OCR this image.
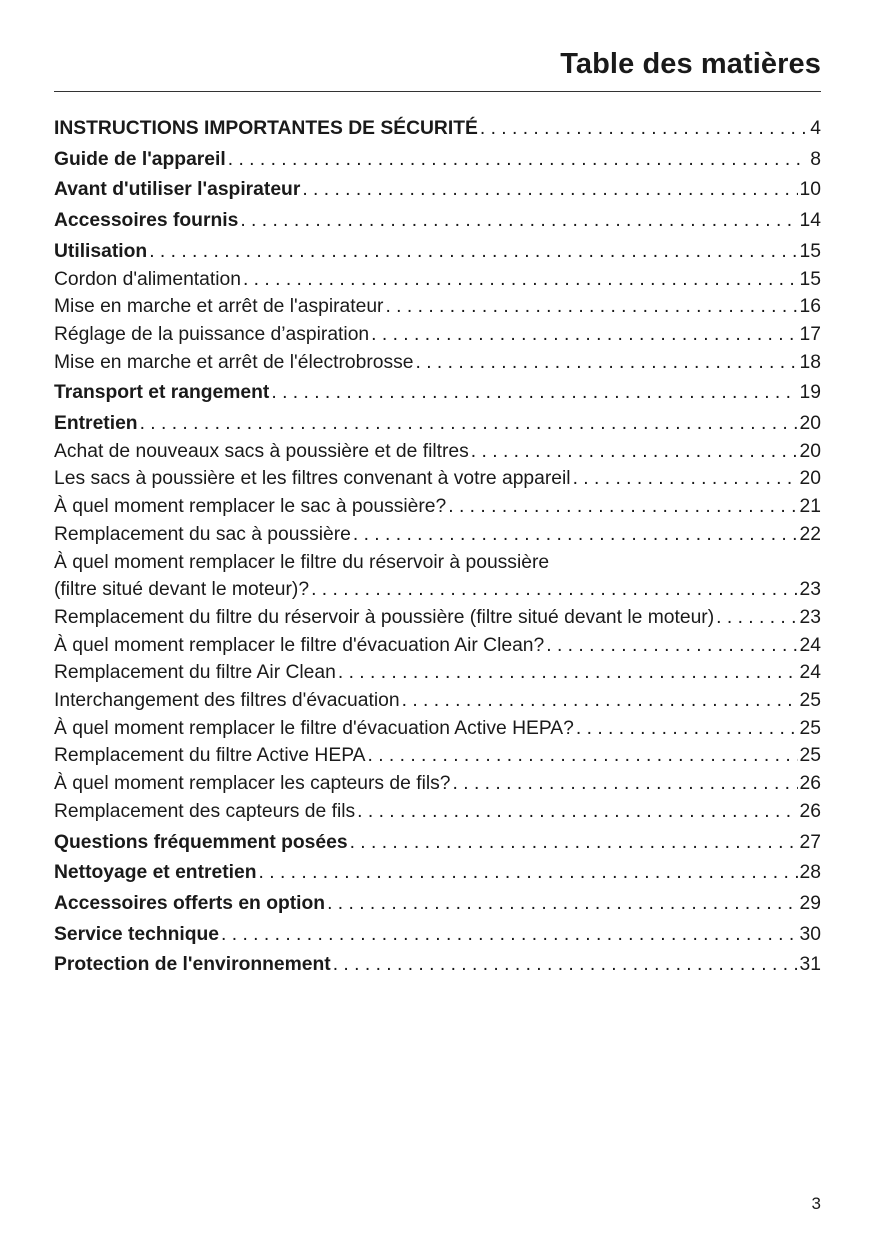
Table des matières
INSTRUCTIONS IMPORTANTES DE SÉCURITÉ . . .	4
Guide de l'appareil . . .	8
Avant d'utiliser l'aspirateur . . .	10
Accessoires fournis . . .	14
Utilisation . . .	15
Cordon d'alimentation . . .	15
Mise en marche et arrêt de l'aspirateur . . .	16
Réglage de la puissance d’aspiration . . .	17
Mise en marche et arrêt de l'électrobrosse . . .	18
Transport et rangement . . .	19
Entretien . . .	20
Achat de nouveaux sacs à poussière et de filtres . . .	20
Les sacs à poussière et les filtres convenant à votre appareil . . .	20
À quel moment remplacer le sac à poussière? . . .	21
Remplacement du sac à poussière . . .	22
À quel moment remplacer le filtre du réservoir à poussière
(filtre situé devant le moteur)? . . .	23
Remplacement du filtre du réservoir à poussière (filtre situé devant le moteur) . . .	23
À quel moment remplacer le filtre d'évacuation Air Clean? . . .	24
Remplacement du filtre Air Clean . . .	24
Interchangement des filtres d'évacuation . . .	25
À quel moment remplacer le filtre d'évacuation Active HEPA? . . .	25
Remplacement du filtre Active HEPA . . .	25
À quel moment remplacer les capteurs de fils? . . .	26
Remplacement des capteurs de fils . . .	26
Questions fréquemment posées . . .	27
Nettoyage et entretien . . .	28
Accessoires offerts en option . . .	29
Service technique . . .	30
Protection de l'environnement . . .	31

3
